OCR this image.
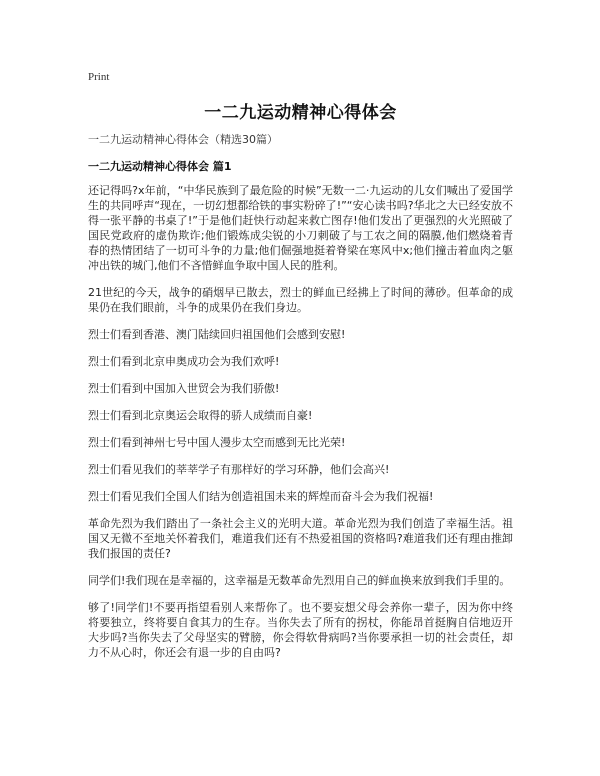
Print
一二九运动精神心得体会
一二九运动精神心得体会（精选30篇）
一二九运动精神心得体会 篇1

还记得吗?x年前，“中华民族到了最危险的时候”无数一二·九运动的儿女们喊出了爱国学生的共同呼声“现在，一切幻想都给铁的事实粉碎了!”“安心读书吗?华北之大已经安放不得一张平静的书桌了!”于是他们赶快行动起来救亡图存!他们发出了更强烈的火光照破了国民党政府的虚伪欺诈;他们锻炼成尖锐的小刀刺破了与工农之间的隔膜,他们燃烧着青春的热情团结了一切可斗争的力量;他们倔强地挺着脊梁在寒风中x;他们撞击着血肉之躯冲出铁的城门,他们不吝惜鲜血争取中国人民的胜利。

21世纪的今天，战争的硝烟早已散去，烈士的鲜血已经拂上了时间的薄砂。但革命的成果仍在我们眼前，斗争的成果仍在我们身边。

烈士们看到香港、澳门陆续回归祖国他们会感到安慰!

烈士们看到北京申奥成功会为我们欢呼!

烈士们看到中国加入世贸会为我们骄傲!

烈士们看到北京奥运会取得的骄人成绩而自豪!

烈士们看到神州七号中国人漫步太空而感到无比光荣!

烈士们看见我们的莘莘学子有那样好的学习环静，他们会高兴!

烈士们看见我们全国人们结为创造祖国未来的辉煌而奋斗会为我们祝福!

革命先烈为我们踏出了一条社会主义的光明大道。革命光烈为我们创造了幸福生活。祖国又无微不至地关怀着我们，难道我们还有不热爱祖国的资格吗?难道我们还有理由推卸我们报国的责任?

同学们!我们现在是幸福的，这幸福是无数革命先烈用自己的鲜血换来放到我们手里的。

够了!同学们!不要再指望看别人来帮你了。也不要妄想父母会养你一辈子，因为你中终将要独立，终将要自食其力的生存。当你失去了所有的拐杖，你能昂首挺胸自信地迈开大步吗?当你失去了父母坚实的臂膀，你会得软骨病吗?当你要承担一切的社会责任，却力不从心时，你还会有退一步的自由吗?
